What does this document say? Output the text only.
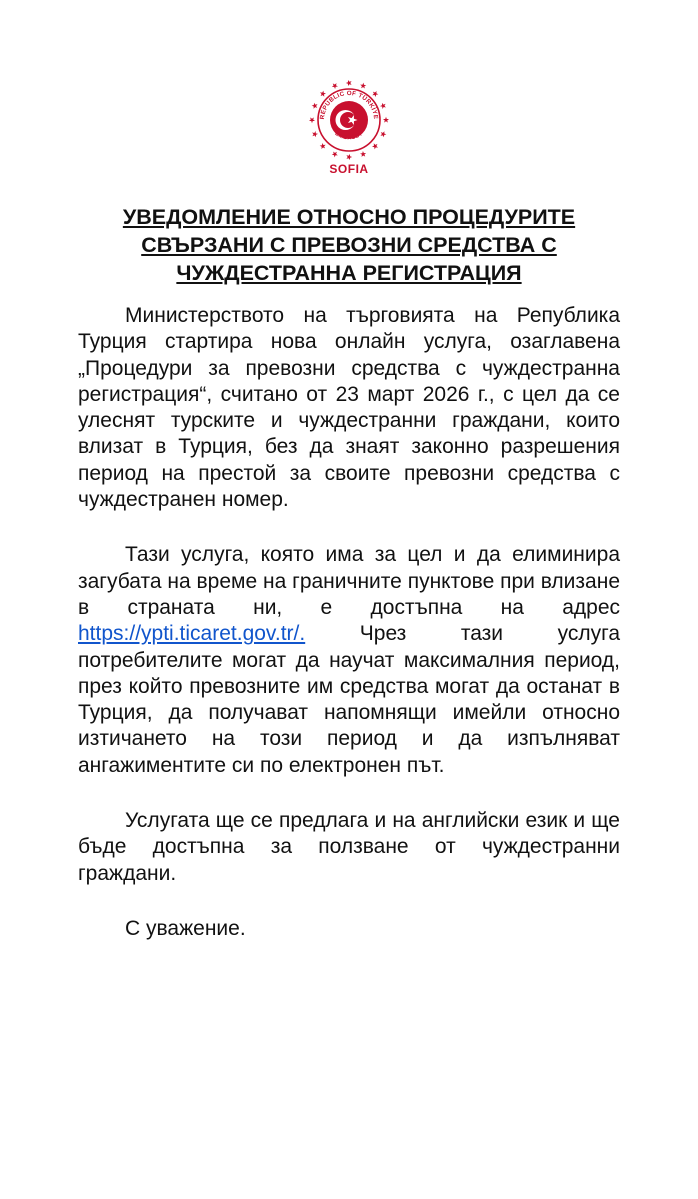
REPUBLIC OF TÜRKİYE
EMBASSY
SOFIA
УВЕДОМЛЕНИЕ ОТНОСНО ПРОЦЕДУРИТЕ
СВЪРЗАНИ С ПРЕВОЗНИ СРЕДСТВА С
ЧУЖДЕСТРАННА РЕГИСТРАЦИЯ

Министерството на търговията на Република Турция стартира нова онлайн услуга, озаглавена „Процедури за превозни средства с чуждестранна регистрация“, считано от 23 март 2026 г., с цел да се улеснят турските и чуждестранни граждани, които влизат в Турция, без да знаят законно разрешения период на престой за своите превозни средства с чуждестранен номер.

Тази услуга, която има за цел и да елиминира загубата на време на граничните пунктове при влизане в страната ни, е достъпна на адрес https://ypti.ticaret.gov.tr/. Чрез тази услуга потребителите могат да научат максималния период, през който превозните им средства могат да останат в Турция, да получават напомнящи имейли относно изтичането на този период и да изпълняват ангажиментите си по електронен път.

Услугата ще се предлага и на английски език и ще бъде достъпна за ползване от чуждестранни граждани.

С уважение.
